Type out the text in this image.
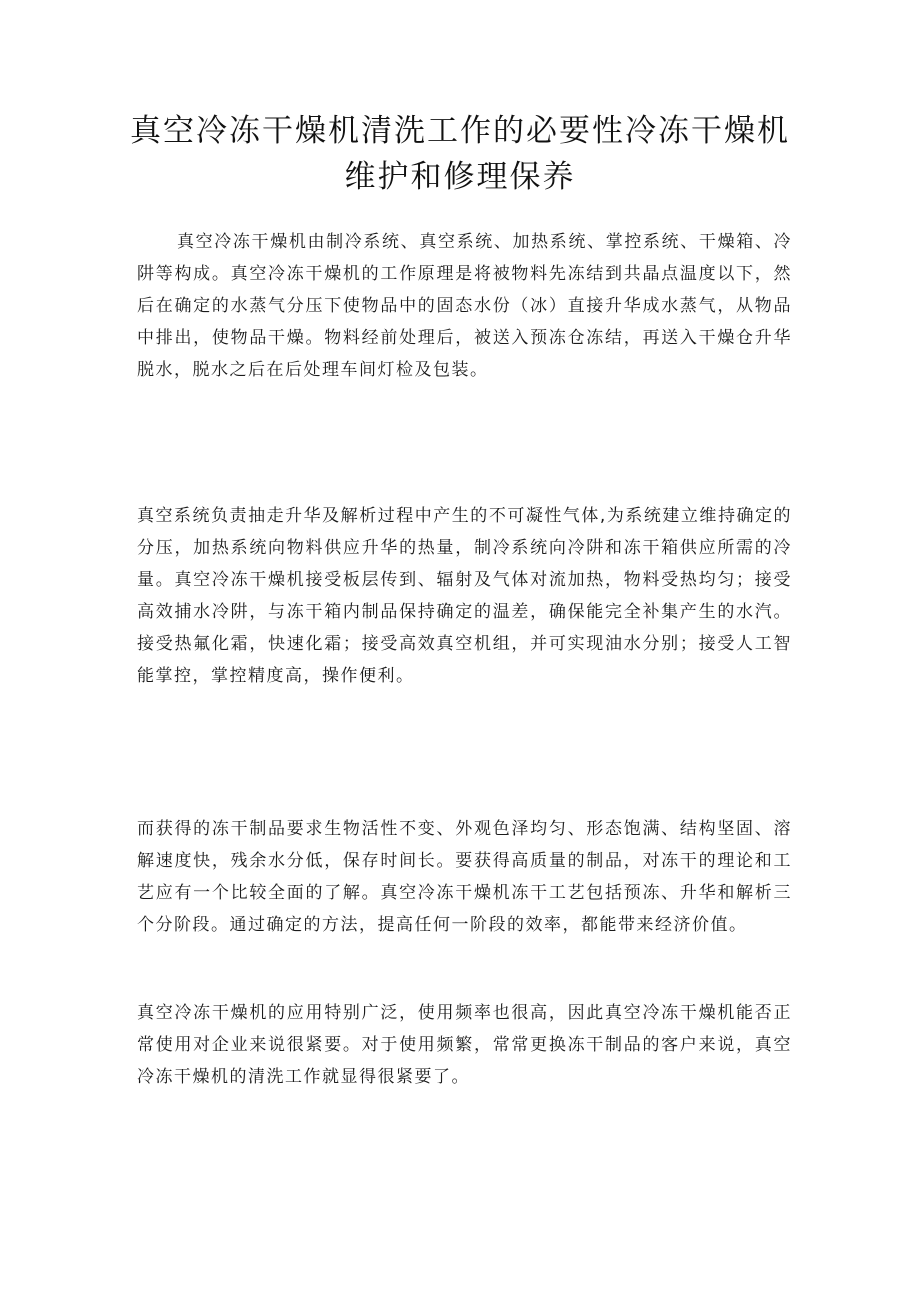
真空冷冻干燥机清洗工作的必要性冷冻干燥机维护和修理保养

真空冷冻干燥机由制冷系统、真空系统、加热系统、掌控系统、干燥箱、冷阱等构成。真空冷冻干燥机的工作原理是将被物料先冻结到共晶点温度以下，然后在确定的水蒸气分压下使物品中的固态水份（冰）直接升华成水蒸气，从物品中排出，使物品干燥。物料经前处理后，被送入预冻仓冻结，再送入干燥仓升华脱水，脱水之后在后处理车间灯检及包装。

真空系统负责抽走升华及解析过程中产生的不可凝性气体,为系统建立维持确定的分压，加热系统向物料供应升华的热量，制冷系统向冷阱和冻干箱供应所需的冷量。真空冷冻干燥机接受板层传到、辐射及气体对流加热，物料受热均匀；接受高效捕水冷阱，与冻干箱内制品保持确定的温差，确保能完全补集产生的水汽。接受热氟化霜，快速化霜；接受高效真空机组，并可实现油水分别；接受人工智能掌控，掌控精度高，操作便利。

而获得的冻干制品要求生物活性不变、外观色泽均匀、形态饱满、结构坚固、溶解速度快，残余水分低，保存时间长。要获得高质量的制品，对冻干的理论和工艺应有一个比较全面的了解。真空冷冻干燥机冻干工艺包括预冻、升华和解析三个分阶段。通过确定的方法，提高任何一阶段的效率，都能带来经济价值。

真空冷冻干燥机的应用特别广泛，使用频率也很高，因此真空冷冻干燥机能否正常使用对企业来说很紧要。对于使用频繁，常常更换冻干制品的客户来说，真空冷冻干燥机的清洗工作就显得很紧要了。
